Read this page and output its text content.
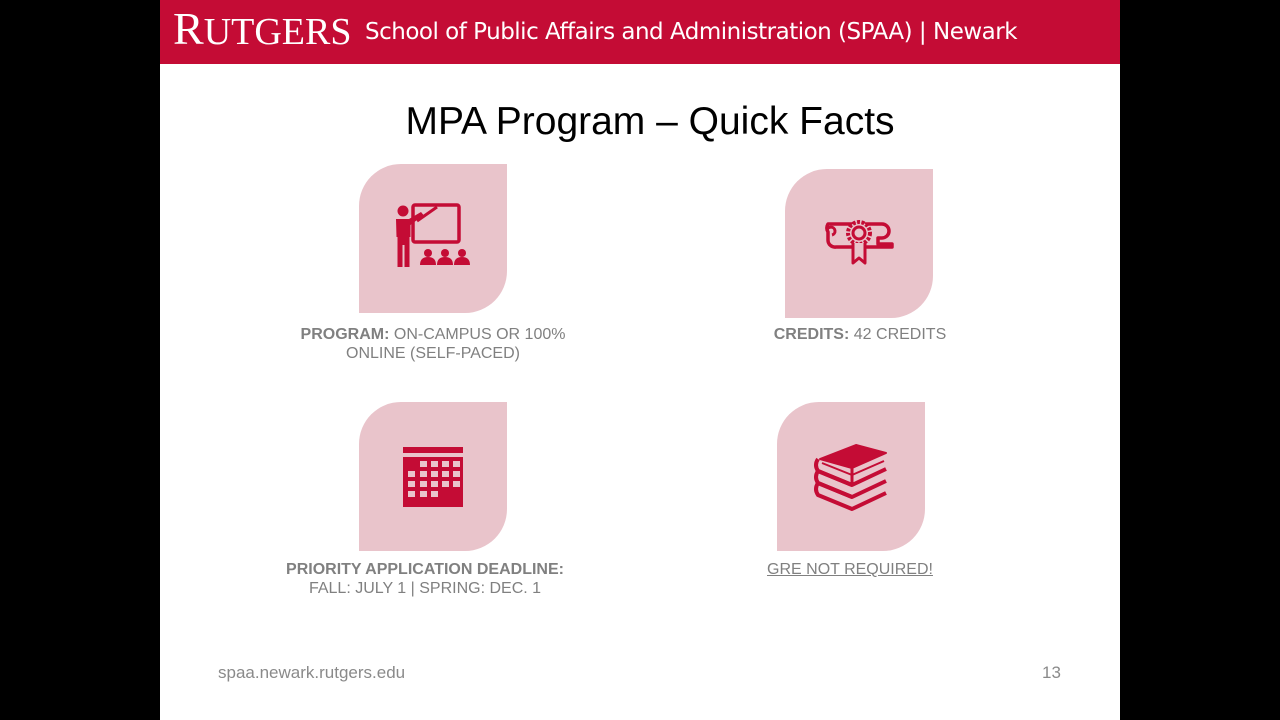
RUTGERS School of Public Affairs and Administration (SPAA) | Newark
MPA Program – Quick Facts
PROGRAM: ON-CAMPUS OR 100% ONLINE (SELF-PACED)
CREDITS: 42 CREDITS
PRIORITY APPLICATION DEADLINE: FALL: JULY 1 | SPRING: DEC. 1
GRE NOT REQUIRED!
spaa.newark.rutgers.edu	13
